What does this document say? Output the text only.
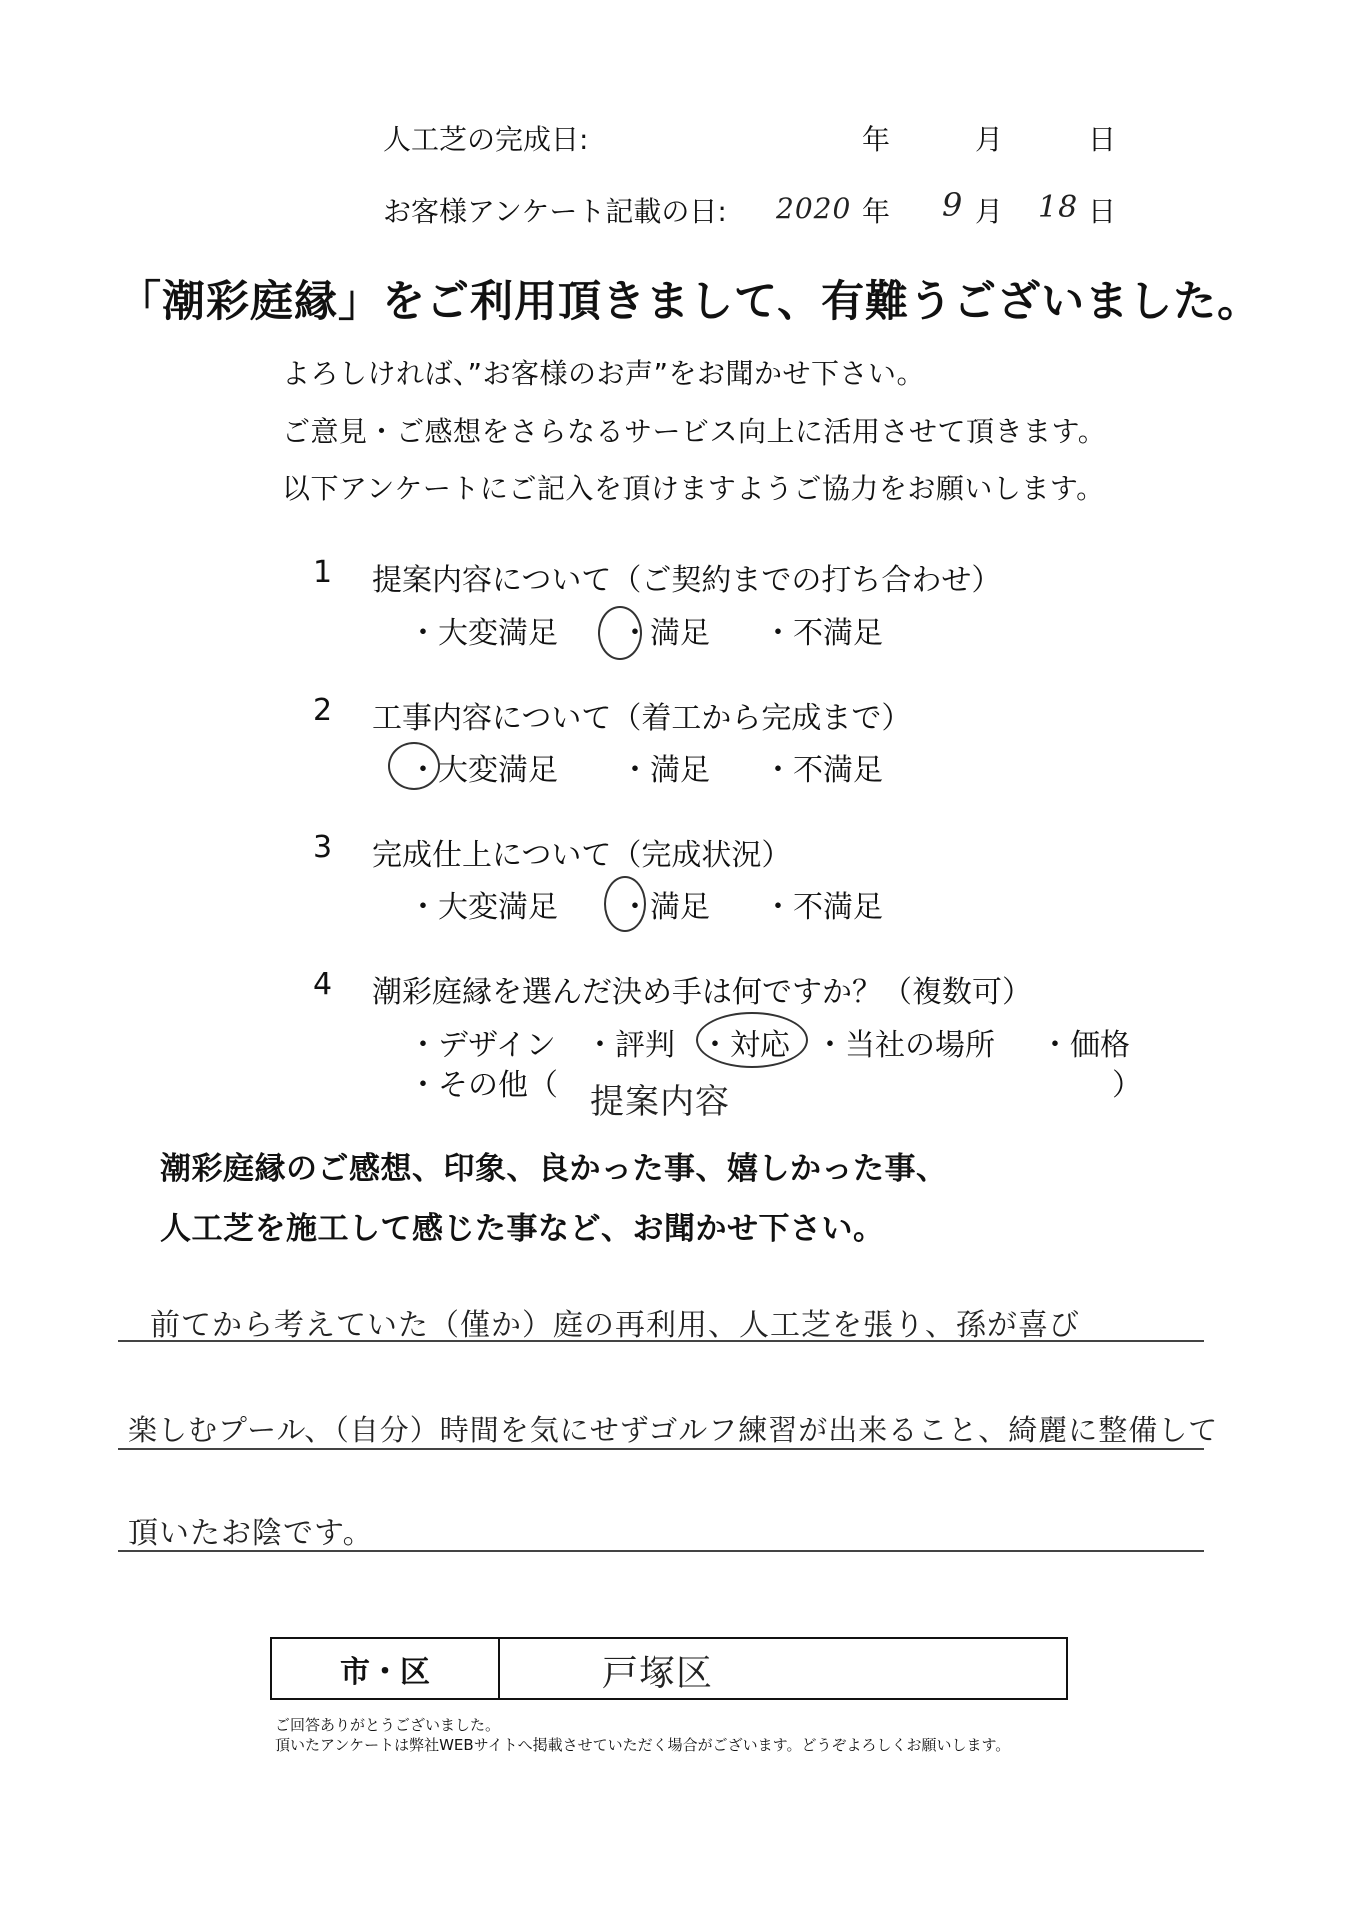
人工芝の完成日:	年	月	日
お客様アンケート記載の日: 2020 年 9 月 18 日
「潮彩庭縁」をご利用頂きまして、有難うございました。
よろしければ、”お客様のお声”をお聞かせ下さい。
ご意見・ご感想をさらなるサービス向上に活用させて頂きます。
以下アンケートにご記入を頂けますようご協力をお願いします。
1 提案内容について（ご契約までの打ち合わせ）
・大変満足 ・満足 ・不満足
2 工事内容について（着工から完成まで）
・大変満足 ・満足 ・不満足
3 完成仕上について（完成状況）
・大変満足 ・満足 ・不満足
4 潮彩庭縁を選んだ決め手は何ですか？（複数可）
・デザイン ・評判 ・対応 ・当社の場所 ・価格
・その他（ 提案内容	）
潮彩庭縁のご感想、印象、良かった事、嬉しかった事、
人工芝を施工して感じた事など、お聞かせ下さい。
前てから考えていた（僅か）庭の再利用、人工芝を張り、孫が喜び
楽しむプール、（自分）時間を気にせずゴルフ練習が出来ること、綺麗に整備して
頂いたお陰です。
市・区	戸塚区
ご回答ありがとうございました。
頂いたアンケートは弊社WEBサイトへ掲載させていただく場合がございます。どうぞよろしくお願いします。
